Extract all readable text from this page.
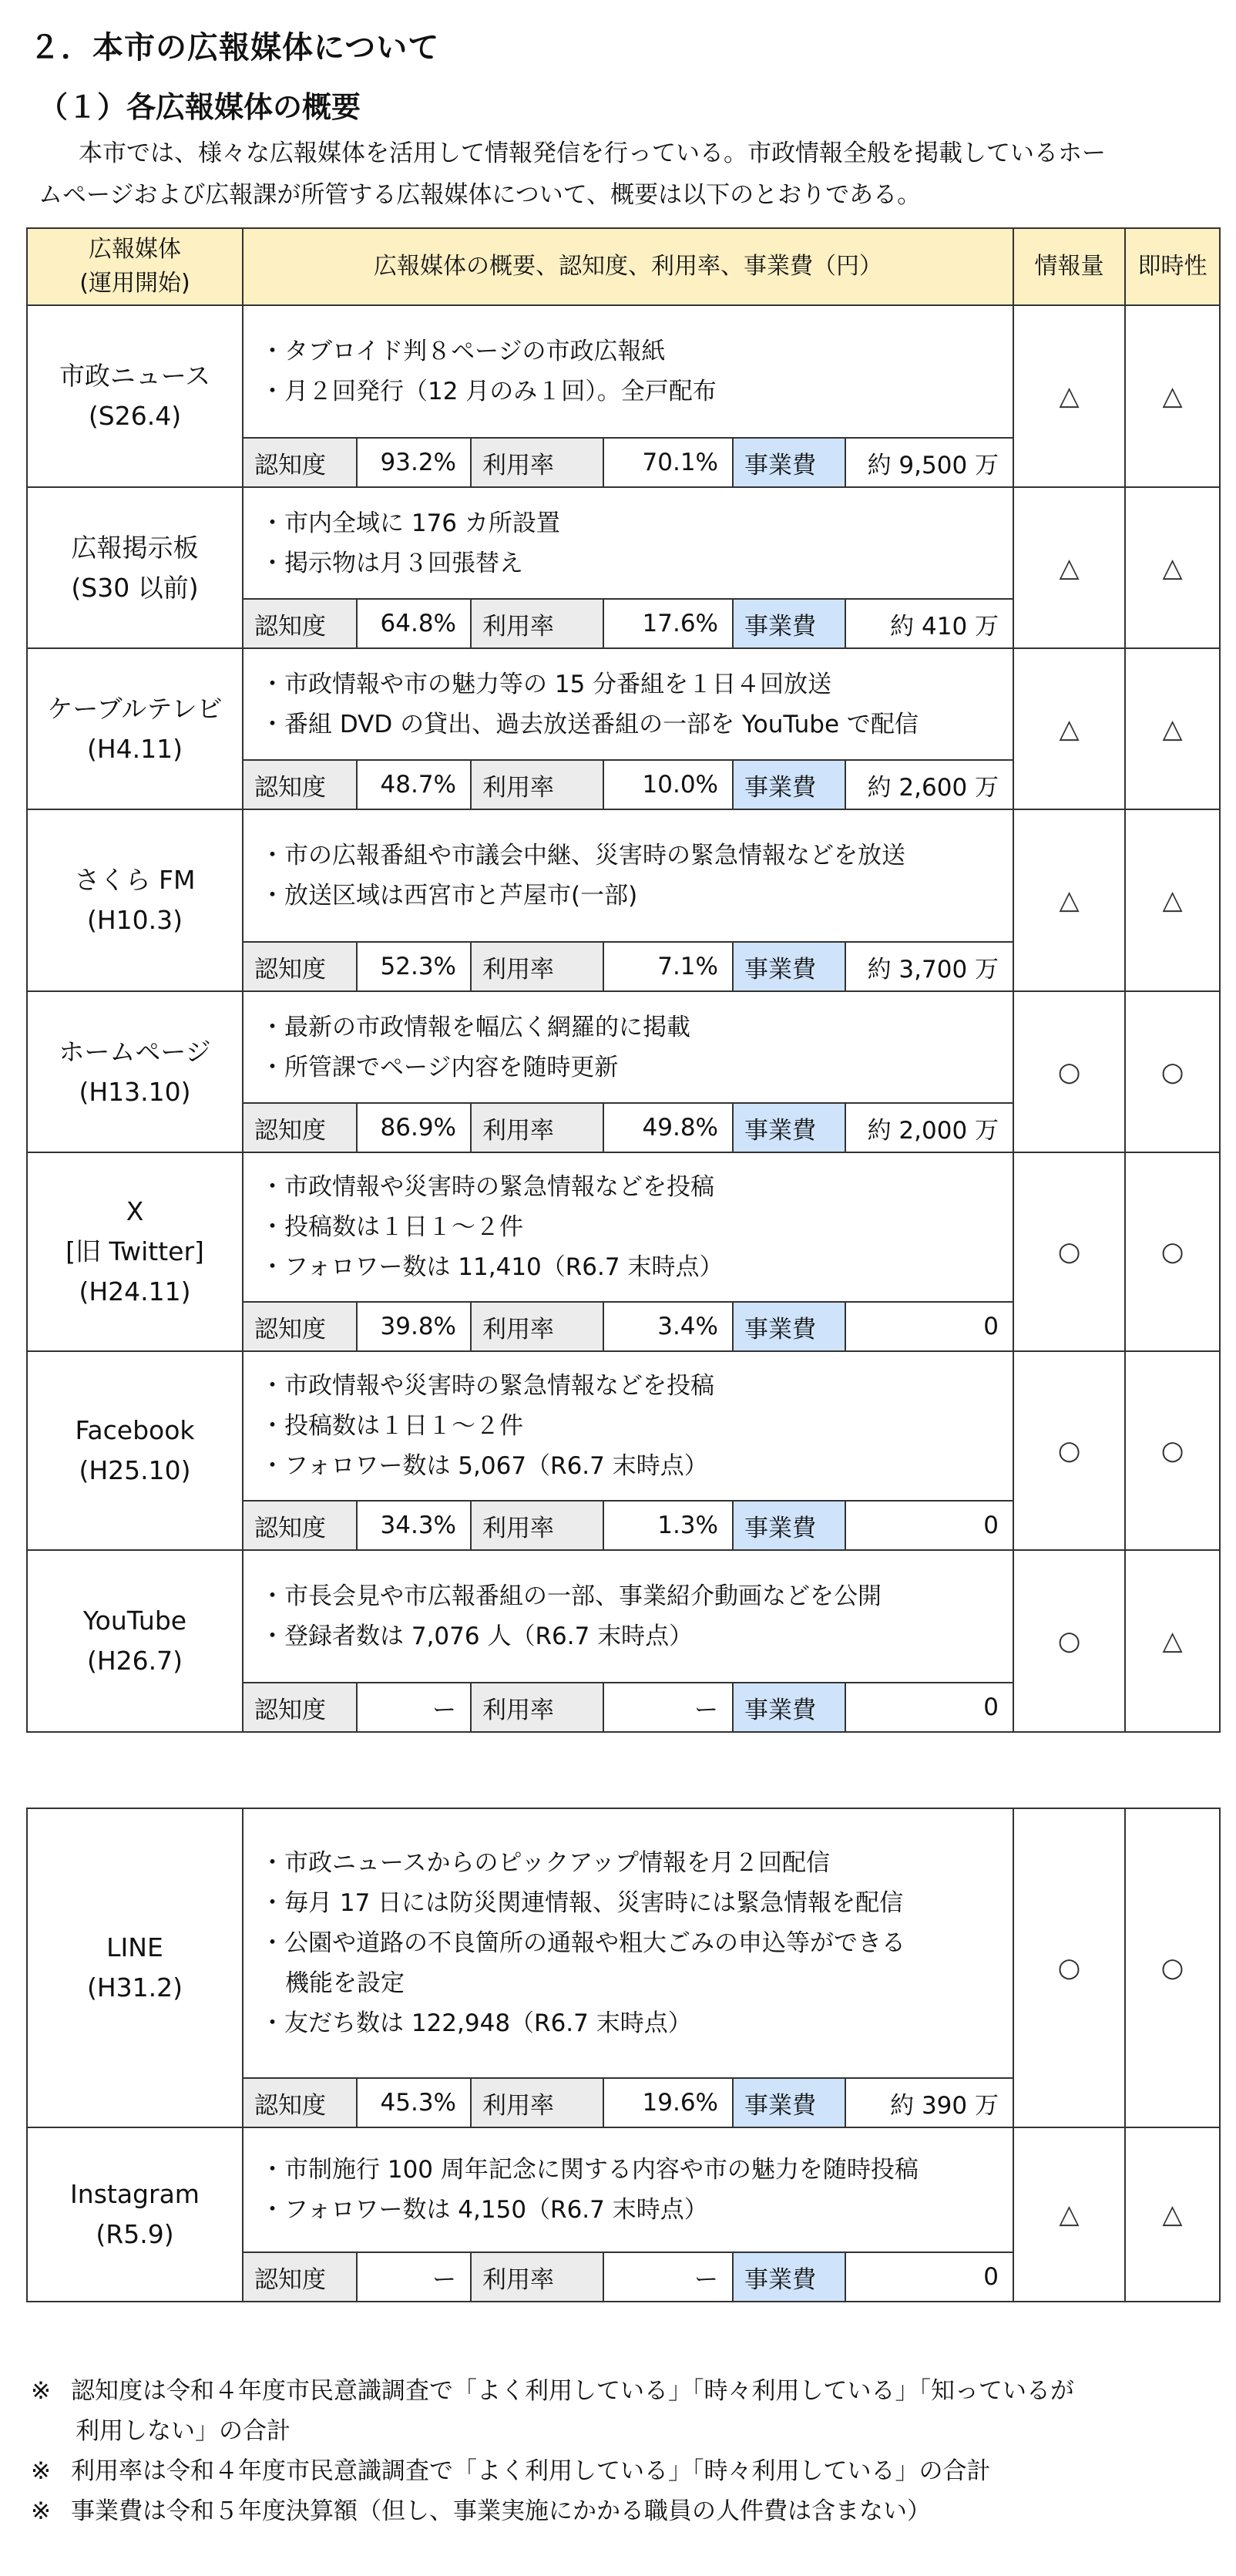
２．本市の広報媒体について
（１）各広報媒体の概要
本市では、様々な広報媒体を活用して情報発信を行っている。市政情報全般を掲載しているホー
ムページおよび広報課が所管する広報媒体について、概要は以下のとおりである。
広報媒体
(運用開始)	広報媒体の概要、認知度、利用率、事業費（円）						情報量	即時性

市政ニュース
(S26.4)	・タブロイド判８ページの市政広報紙
・月２回発行（12 月のみ１回）。全戸配布						△	△
	認知度	93.2%	利用率	70.1%	事業費	約 9,500 万		

広報掲示板
(S30 以前)	・市内全域に 176 カ所設置
・掲示物は月３回張替え						△	△
	認知度	64.8%	利用率	17.6%	事業費	約 410 万		

ケーブルテレビ
(H4.11)	・市政情報や市の魅力等の 15 分番組を１日４回放送
・番組 DVD の貸出、過去放送番組の一部を YouTube で配信						△	△
	認知度	48.7%	利用率	10.0%	事業費	約 2,600 万		

さくら FM
(H10.3)	・市の広報番組や市議会中継、災害時の緊急情報などを放送
・放送区域は西宮市と芦屋市(一部)						△	△
	認知度	52.3%	利用率	7.1%	事業費	約 3,700 万		

ホームページ
(H13.10)	・最新の市政情報を幅広く網羅的に掲載
・所管課でページ内容を随時更新						○	○
	認知度	86.9%	利用率	49.8%	事業費	約 2,000 万		

X
[旧 Twitter]
(H24.11)	・市政情報や災害時の緊急情報などを投稿
・投稿数は１日１～２件
・フォロワー数は 11,410（R6.7 末時点）						○	○
	認知度	39.8%	利用率	3.4%	事業費	0		

Facebook
(H25.10)	・市政情報や災害時の緊急情報などを投稿
・投稿数は１日１～２件
・フォロワー数は 5,067（R6.7 末時点）						○	○
	認知度	34.3%	利用率	1.3%	事業費	0		

YouTube
(H26.7)	・市長会見や市広報番組の一部、事業紹介動画などを公開
・登録者数は 7,076 人（R6.7 末時点）						○	△
	認知度	ー	利用率	ー	事業費	0		
LINE
(H31.2)	・市政ニュースからのピックアップ情報を月２回配信
・毎月 17 日には防災関連情報、災害時には緊急情報を配信
・公園や道路の不良箇所の通報や粗大ごみの申込等ができる
機能を設定
・友だち数は 122,948（R6.7 末時点）						○	○
	認知度	45.3%	利用率	19.6%	事業費	約 390 万		

Instagram
(R5.9)	・市制施行 100 周年記念に関する内容や市の魅力を随時投稿
・フォロワー数は 4,150（R6.7 末時点）						△	△
	認知度	ー	利用率	ー	事業費	0		
※ 認知度は令和４年度市民意識調査で「よく利用している」「時々利用している」「知っているが
利用しない」の合計
※ 利用率は令和４年度市民意識調査で「よく利用している」「時々利用している」の合計
※ 事業費は令和５年度決算額（但し、事業実施にかかる職員の人件費は含まない）
